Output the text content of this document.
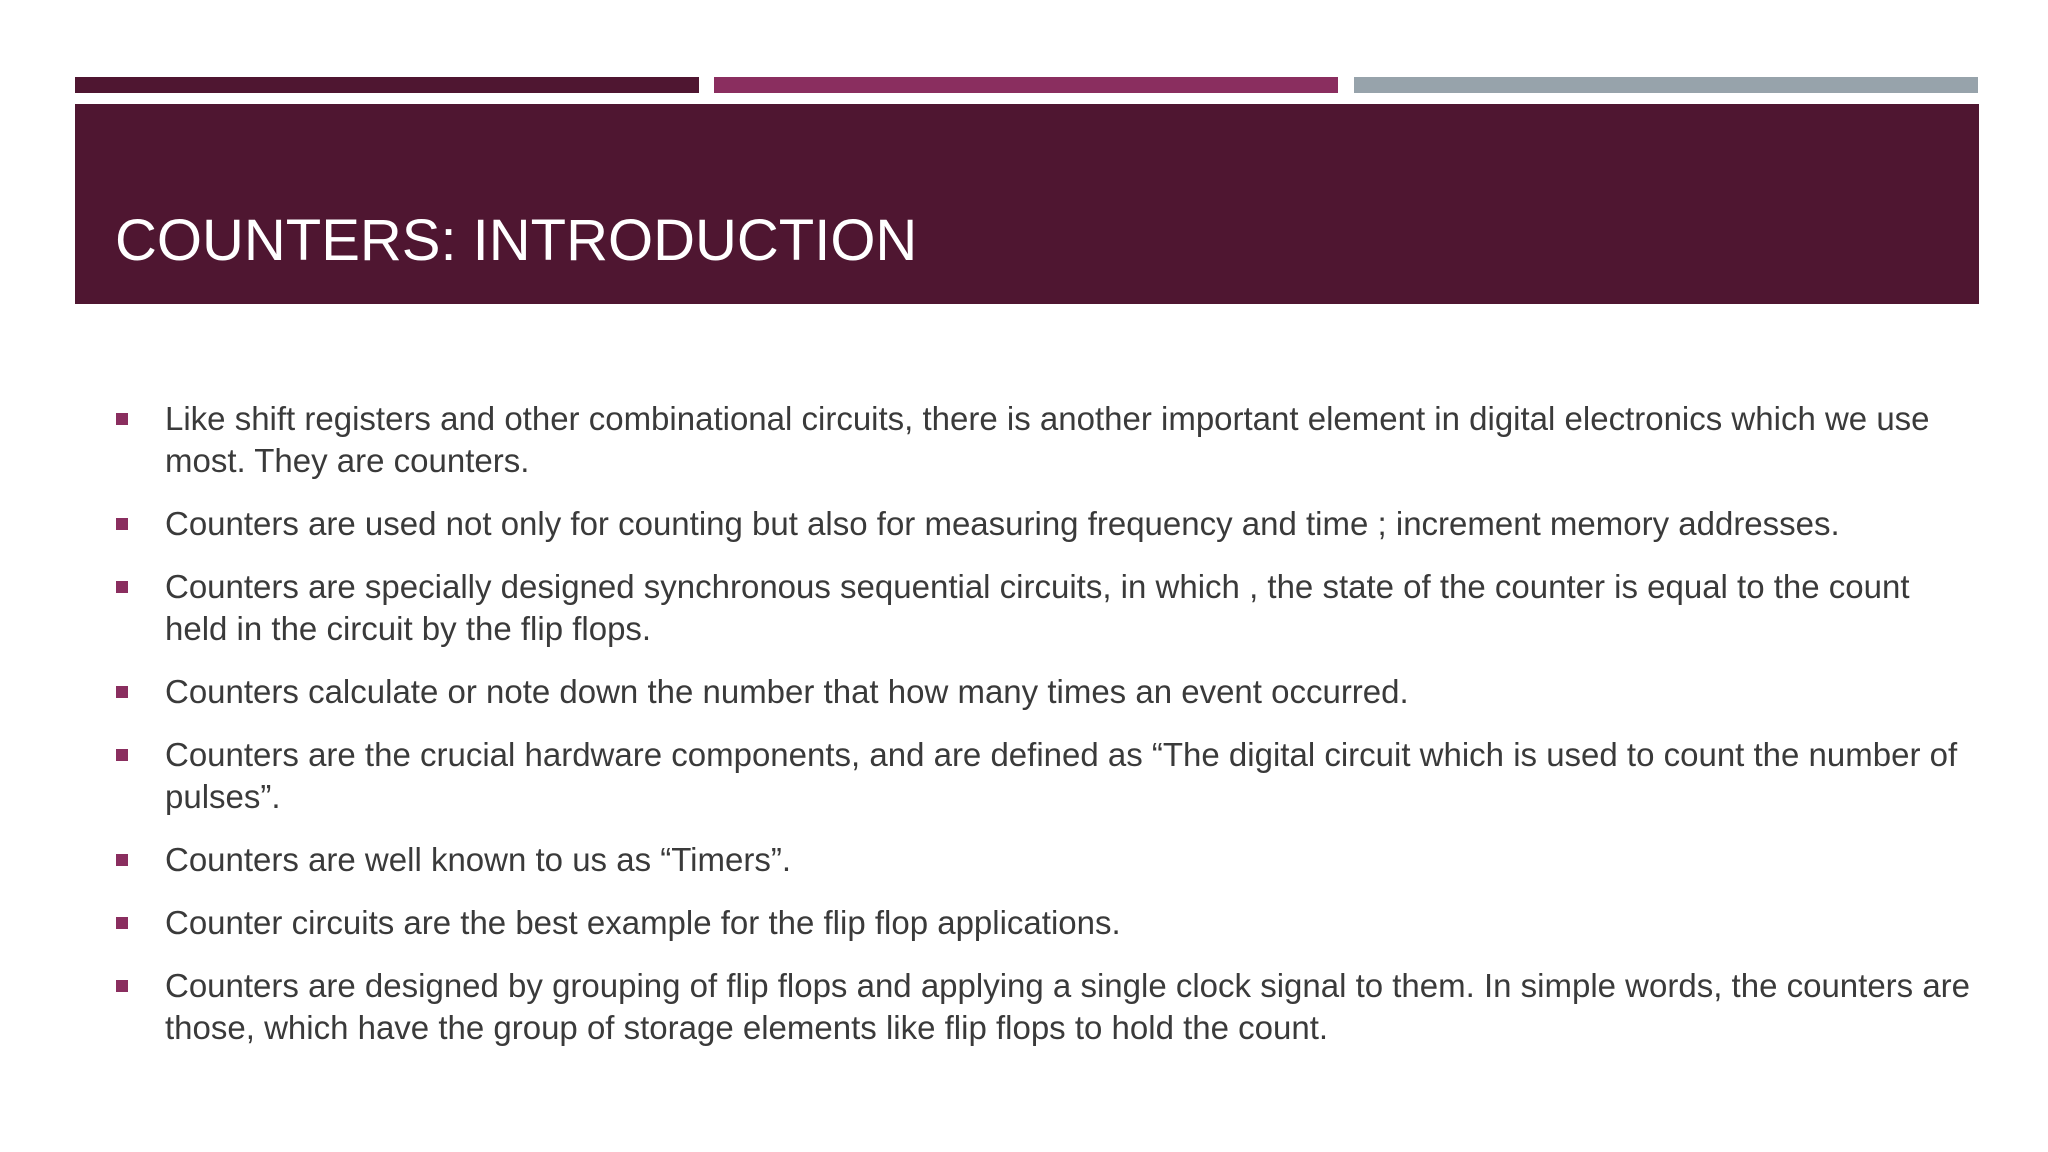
COUNTERS: INTRODUCTION
Like shift registers and other combinational circuits, there is another important element in digital electronics which we use most. They are counters.
Counters are used not only for counting but also for measuring frequency and time ; increment memory addresses.
Counters are specially designed synchronous sequential circuits, in which , the state of the counter is equal to the count held in the circuit by the flip flops.
Counters calculate or note down the number that how many times an event occurred.
Counters are the crucial hardware components, and are defined as “The digital circuit which is used to count the number of pulses”.
Counters are well known to us as “Timers”.
Counter circuits are the best example for the flip flop applications.
Counters are designed by grouping of flip flops and applying a single clock signal to them. In simple words, the counters are those, which have the group of storage elements like flip flops to hold the count.
